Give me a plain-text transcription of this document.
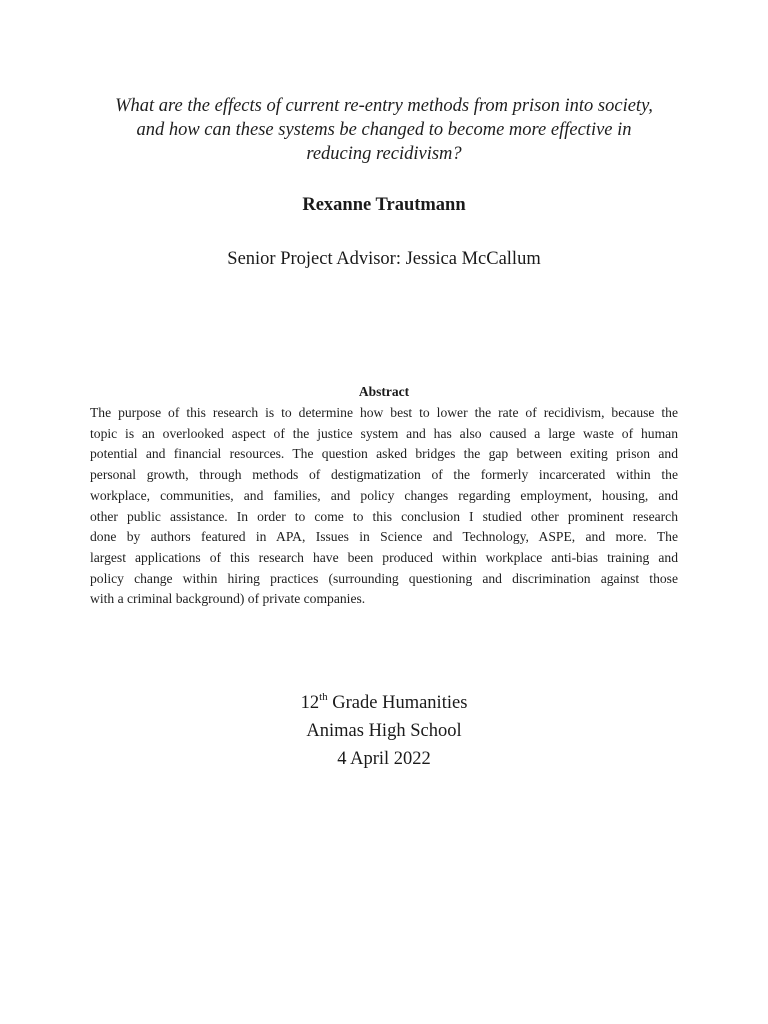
What are the effects of current re-entry methods from prison into society,
and how can these systems be changed to become more effective in
reducing recidivism?

Rexanne Trautmann

Senior Project Advisor: Jessica McCallum

Abstract
The purpose of this research is to determine how best to lower the rate of recidivism, because the
topic is an overlooked aspect of the justice system and has also caused a large waste of human
potential and financial resources. The question asked bridges the gap between exiting prison and
personal growth, through methods of destigmatization of the formerly incarcerated within the
workplace, communities, and families, and policy changes regarding employment, housing, and
other public assistance. In order to come to this conclusion I studied other prominent research
done by authors featured in APA, Issues in Science and Technology, ASPE, and more. The
largest applications of this research have been produced within workplace anti-bias training and
policy change within hiring practices (surrounding questioning and discrimination against those
with a criminal background) of private companies.
12th Grade Humanities
Animas High School
4 April 2022
